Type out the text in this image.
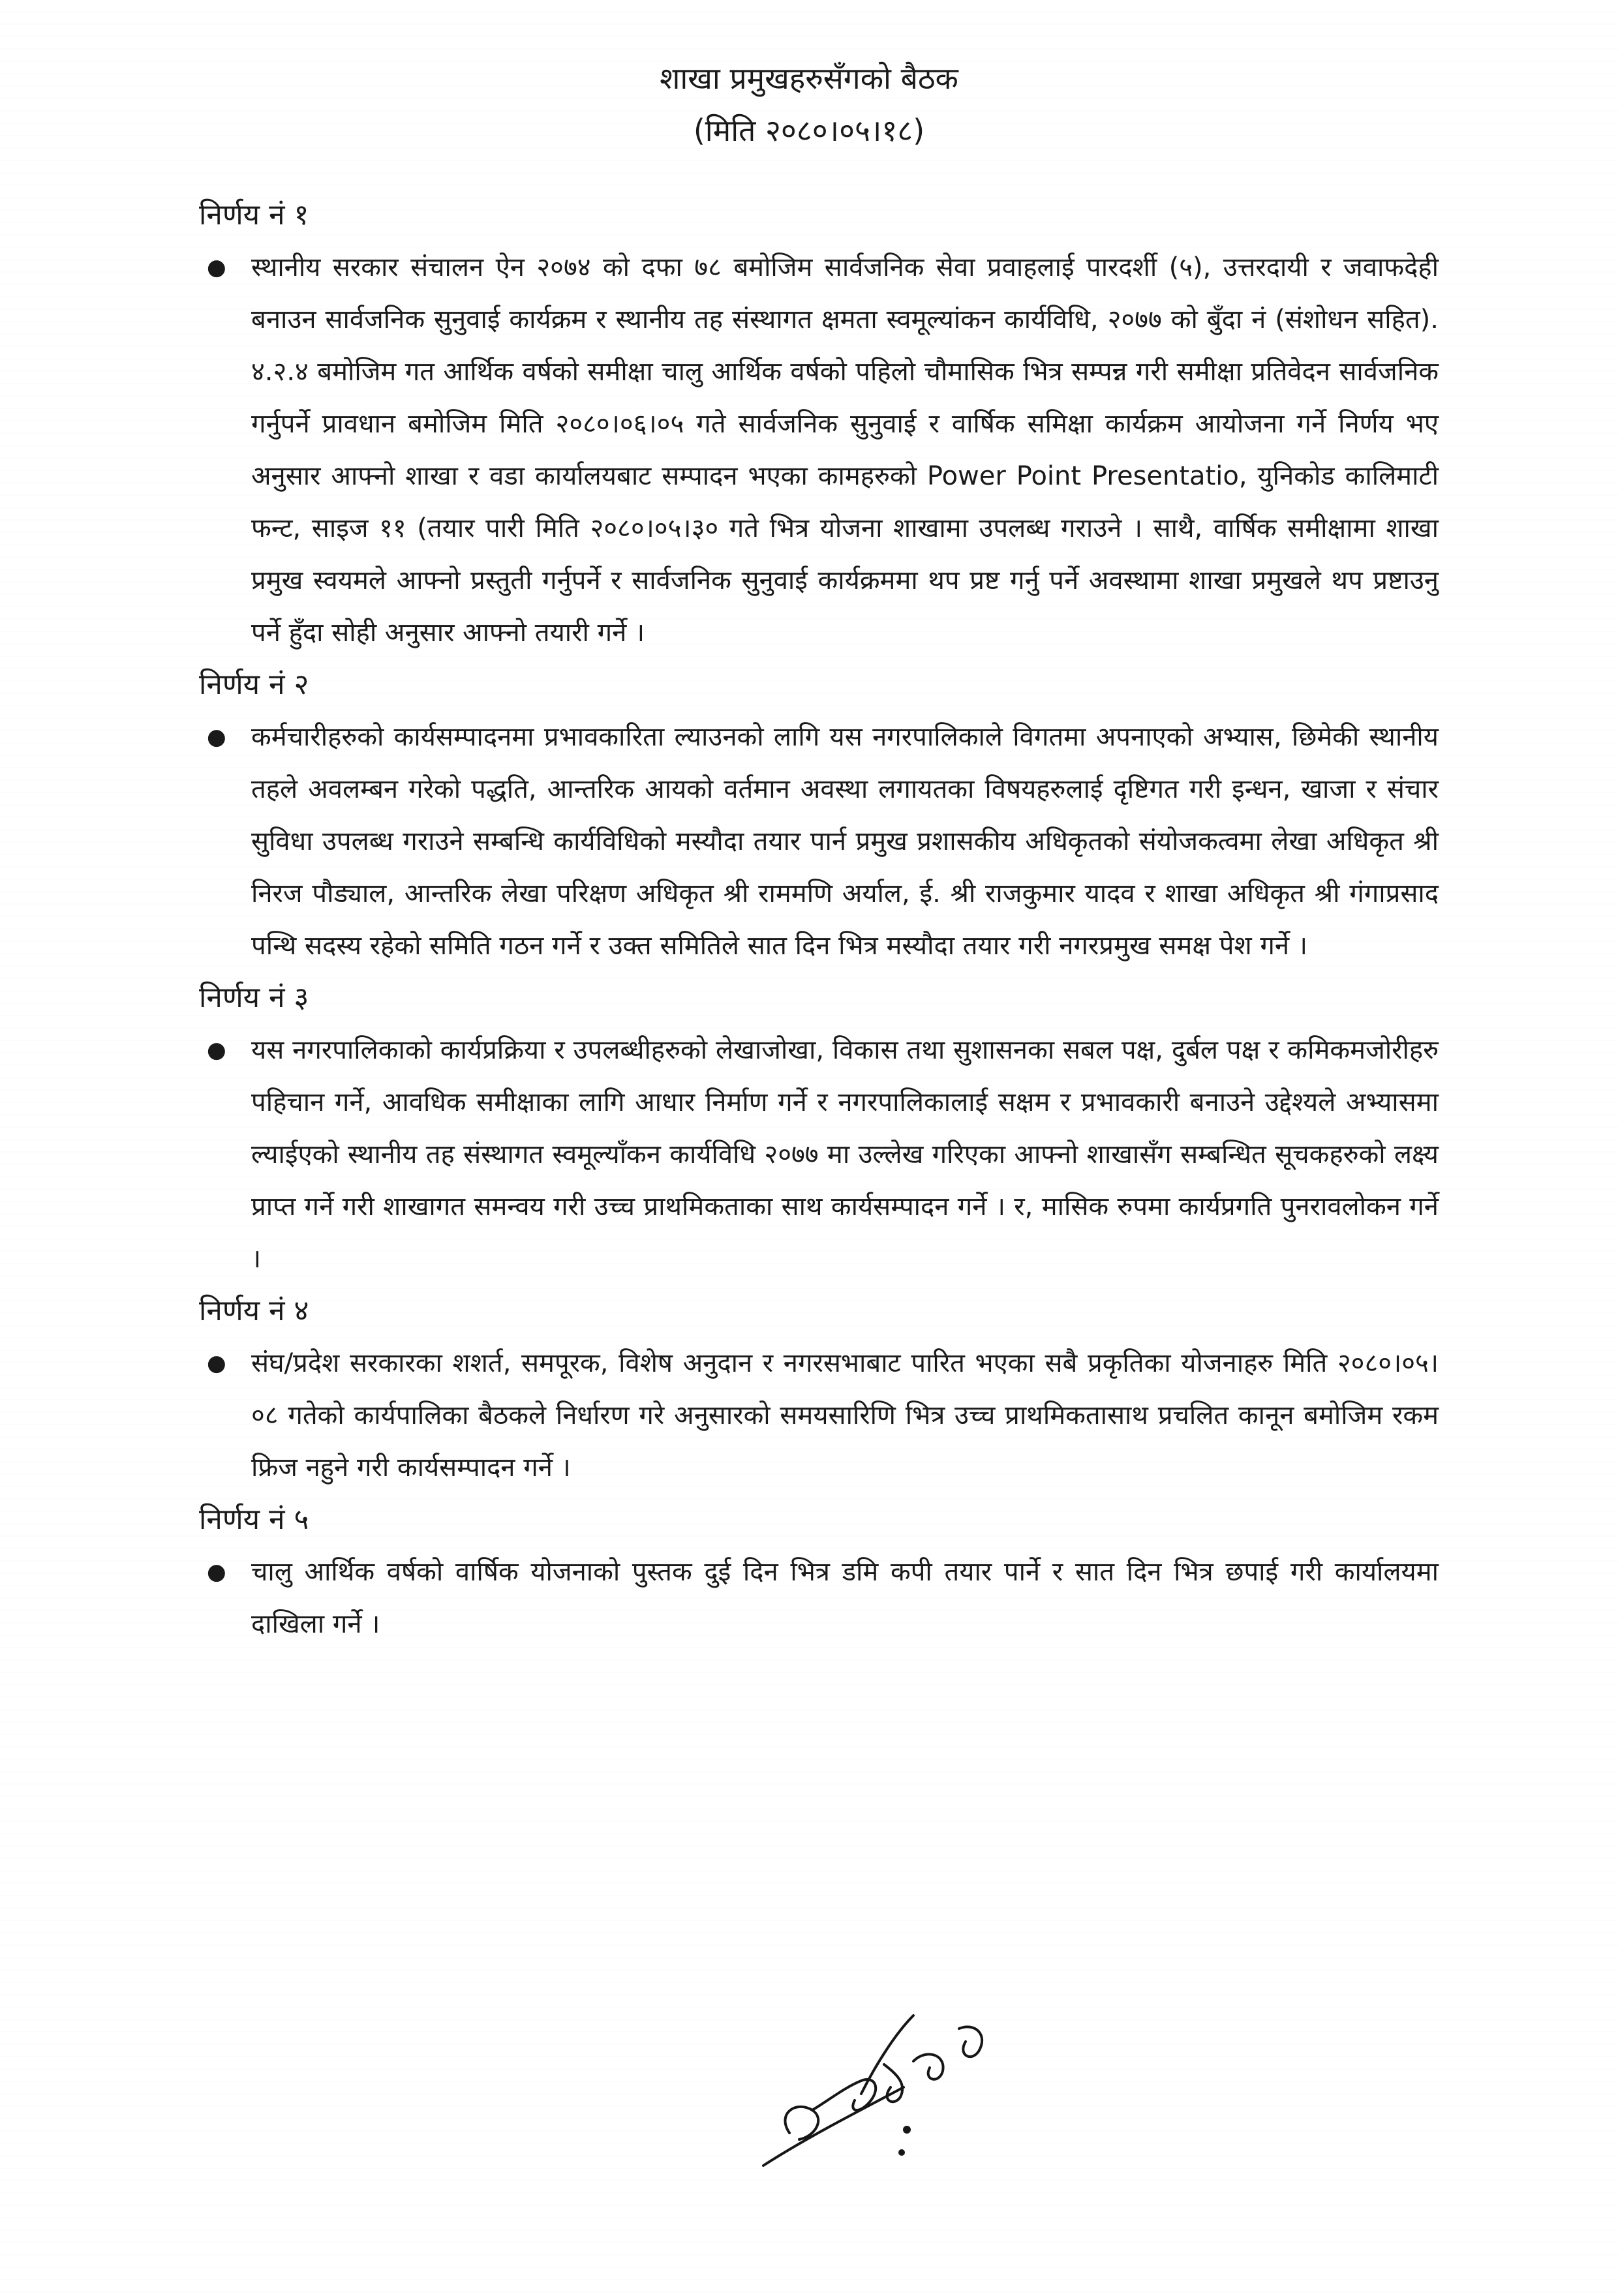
शाखा प्रमुखहरुसँगको बैठक
(मिति २०८०।०५।१८)
निर्णय नं १
● स्थानीय सरकार संचालन ऐन २०७४ को दफा ७८ बमोजिम सार्वजनिक सेवा प्रवाहलाई पारदर्शी (५), उत्तरदायी र जवाफदेही बनाउन सार्वजनिक सुनुवाई कार्यक्रम र स्थानीय तह संस्थागत क्षमता स्वमूल्यांकन कार्यविधि, २०७७ को बुँदा नं (संशोधन सहित). ४.२.४ बमोजिम गत आर्थिक वर्षको समीक्षा चालु आर्थिक वर्षको पहिलो चौमासिक भित्र सम्पन्न गरी समीक्षा प्रतिवेदन सार्वजनिक गर्नुपर्ने प्रावधान बमोजिम मिति २०८०।०६।०५ गते सार्वजनिक सुनुवाई र वार्षिक समिक्षा कार्यक्रम आयोजना गर्ने निर्णय भए अनुसार आफ्नो शाखा र वडा कार्यालयबाट सम्पादन भएका कामहरुको Power Point Presentatio, युनिकोड कालिमाटी फन्ट, साइज ११ (तयार पारी मिति २०८०।०५।३० गते भित्र योजना शाखामा उपलब्ध गराउने । साथै, वार्षिक समीक्षामा शाखा प्रमुख स्वयमले आफ्नो प्रस्तुती गर्नुपर्ने र सार्वजनिक सुनुवाई कार्यक्रममा थप प्रष्ट गर्नु पर्ने अवस्थामा शाखा प्रमुखले थप प्रष्टाउनु पर्ने हुँदा सोही अनुसार आफ्नो तयारी गर्ने ।
निर्णय नं २
● कर्मचारीहरुको कार्यसम्पादनमा प्रभावकारिता ल्याउनको लागि यस नगरपालिकाले विगतमा अपनाएको अभ्यास, छिमेकी स्थानीय तहले अवलम्बन गरेको पद्धति, आन्तरिक आयको वर्तमान अवस्था लगायतका विषयहरुलाई दृष्टिगत गरी इन्धन, खाजा र संचार सुविधा उपलब्ध गराउने सम्बन्धि कार्यविधिको मस्यौदा तयार पार्न प्रमुख प्रशासकीय अधिकृतको संयोजकत्वमा लेखा अधिकृत श्री निरज पौड्याल, आन्तरिक लेखा परिक्षण अधिकृत श्री राममणि अर्याल, ई. श्री राजकुमार यादव र शाखा अधिकृत श्री गंगाप्रसाद पन्थि सदस्य रहेको समिति गठन गर्ने र उक्त समितिले सात दिन भित्र मस्यौदा तयार गरी नगरप्रमुख समक्ष पेश गर्ने ।
निर्णय नं ३
● यस नगरपालिकाको कार्यप्रक्रिया र उपलब्धीहरुको लेखाजोखा, विकास तथा सुशासनका सबल पक्ष, दुर्बल पक्ष र कमिकमजोरीहरु पहिचान गर्ने, आवधिक समीक्षाका लागि आधार निर्माण गर्ने र नगरपालिकालाई सक्षम र प्रभावकारी बनाउने उद्देश्यले अभ्यासमा ल्याईएको स्थानीय तह संस्थागत स्वमूल्याँकन कार्यविधि २०७७ मा उल्लेख गरिएका आफ्नो शाखासँग सम्बन्धित सूचकहरुको लक्ष्य प्राप्त गर्ने गरी शाखागत समन्वय गरी उच्च प्राथमिकताका साथ कार्यसम्पादन गर्ने । र, मासिक रुपमा कार्यप्रगति पुनरावलोकन गर्ने ।
निर्णय नं ४
● संघ/प्रदेश सरकारका शशर्त, समपूरक, विशेष अनुदान र नगरसभाबाट पारित भएका सबै प्रकृतिका योजनाहरु मिति २०८०।०५।०८ गतेको कार्यपालिका बैठकले निर्धारण गरे अनुसारको समयसारिणि भित्र उच्च प्राथमिकतासाथ प्रचलित कानून बमोजिम रकम फ्रिज नहुने गरी कार्यसम्पादन गर्ने ।
निर्णय नं ५
● चालु आर्थिक वर्षको वार्षिक योजनाको पुस्तक दुई दिन भित्र डमि कपी तयार पार्ने र सात दिन भित्र छपाई गरी कार्यालयमा दाखिला गर्ने ।
